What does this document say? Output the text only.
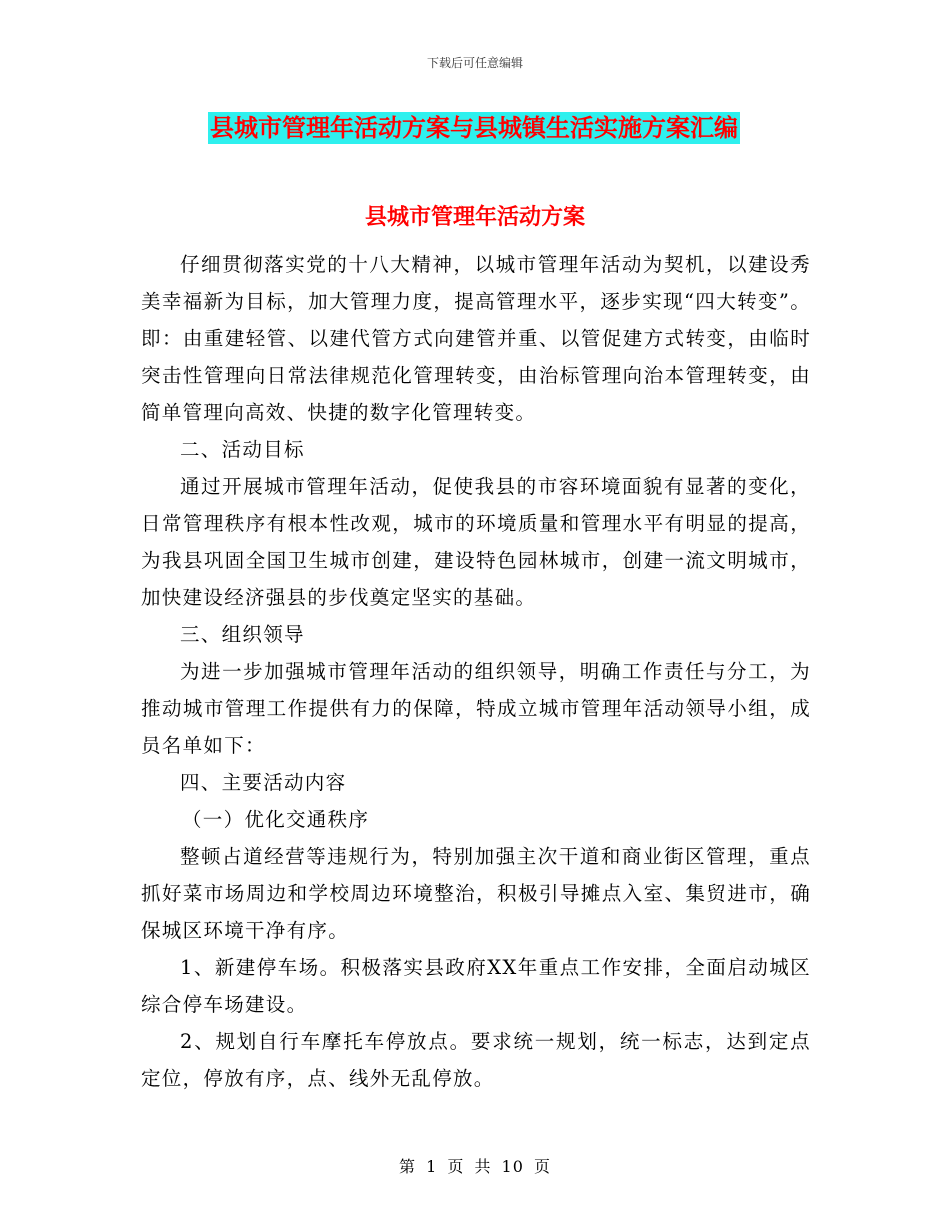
下载后可任意编辑
县城市管理年活动方案与县城镇生活实施方案汇编
县城市管理年活动方案

仔细贯彻落实党的十八大精神，以城市管理年活动为契机，以建设秀美幸福新为目标，加大管理力度，提高管理水平，逐步实现“四大转变”。即：由重建轻管、以建代管方式向建管并重、以管促建方式转变，由临时突击性管理向日常法律规范化管理转变，由治标管理向治本管理转变，由简单管理向高效、快捷的数字化管理转变。

二、活动目标

通过开展城市管理年活动，促使我县的市容环境面貌有显著的变化，日常管理秩序有根本性改观，城市的环境质量和管理水平有明显的提高，为我县巩固全国卫生城市创建，建设特色园林城市，创建一流文明城市，加快建设经济强县的步伐奠定坚实的基础。

三、组织领导

为进一步加强城市管理年活动的组织领导，明确工作责任与分工，为推动城市管理工作提供有力的保障，特成立城市管理年活动领导小组，成员名单如下：

四、主要活动内容

（一）优化交通秩序

整顿占道经营等违规行为，特别加强主次干道和商业街区管理，重点抓好菜市场周边和学校周边环境整治，积极引导摊点入室、集贸进市，确保城区环境干净有序。

1、新建停车场。积极落实县政府XX年重点工作安排，全面启动城区综合停车场建设。

2、规划自行车摩托车停放点。要求统一规划，统一标志，达到定点定位，停放有序，点、线外无乱停放。

第 1 页 共 10 页
